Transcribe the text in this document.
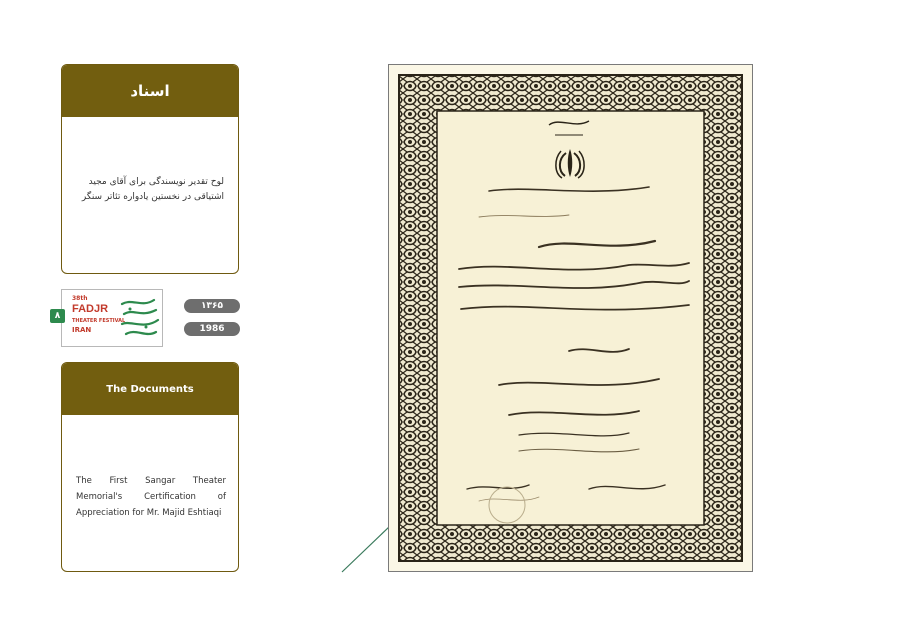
اسناد
لوح تقدیر نویسندگی برای آقای مجید اشتیاقی در نخستین یادواره تئاتر سنگر
۸
38th
FADJR
THEATER FESTIVAL
IRAN
۱۳۶۵
1986
The Documents
The First Sangar Theater Memorial's Certification of Appreciation for Mr. Majid Eshtiaqi
